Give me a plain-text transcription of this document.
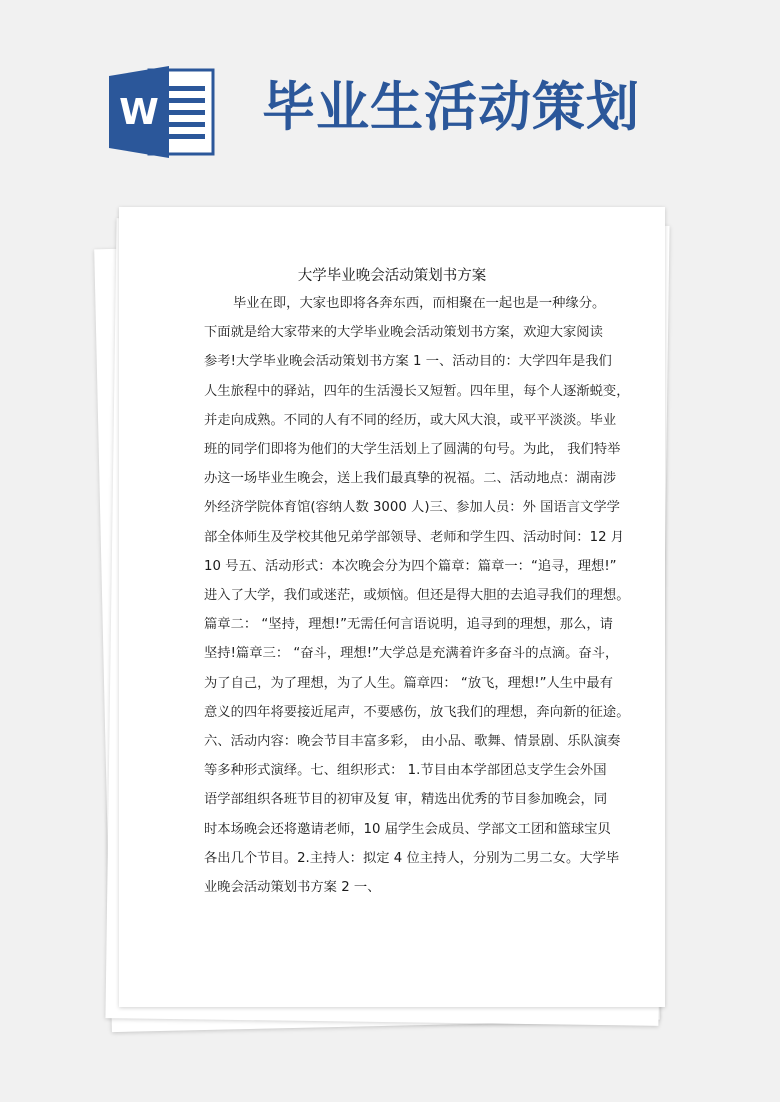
W 毕业生活动策划
大学毕业晚会活动策划书方案
毕业在即，大家也即将各奔东西，而相聚在一起也是一种缘分。
下面就是给大家带来的大学毕业晚会活动策划书方案，欢迎大家阅读
参考!大学毕业晚会活动策划书方案 1 一、活动目的：大学四年是我们
人生旅程中的驿站，四年的生活漫长又短暂。四年里，每个人逐渐蜕变，
并走向成熟。不同的人有不同的经历，或大风大浪，或平平淡淡。毕业
班的同学们即将为他们的大学生活划上了圆满的句号。为此， 我们特举
办这一场毕业生晚会，送上我们最真挚的祝福。二、活动地点：湖南涉
外经济学院体育馆(容纳人数 3000 人)三、参加人员：外 国语言文学学
部全体师生及学校其他兄弟学部领导、老师和学生四、活动时间：12 月
10 号五、活动形式：本次晚会分为四个篇章：篇章一：“追寻，理想!”
进入了大学，我们或迷茫，或烦恼。但还是得大胆的去追寻我们的理想。
篇章二： “坚持，理想!”无需任何言语说明，追寻到的理想，那么，请
坚持!篇章三： “奋斗，理想!”大学总是充满着许多奋斗的点滴。奋斗，
为了自己，为了理想，为了人生。篇章四： “放飞，理想!”人生中最有
意义的四年将要接近尾声，不要感伤，放飞我们的理想，奔向新的征途。
六、活动内容：晚会节目丰富多彩， 由小品、歌舞、情景剧、乐队演奏
等多种形式演绎。七、组织形式： 1.节目由本学部团总支学生会外国
语学部组织各班节目的初审及复 审，精选出优秀的节目参加晚会，同
时本场晚会还将邀请老师，10 届学生会成员、学部文工团和篮球宝贝
各出几个节目。2.主持人：拟定 4 位主持人，分别为二男二女。大学毕
业晚会活动策划书方案 2 一、
